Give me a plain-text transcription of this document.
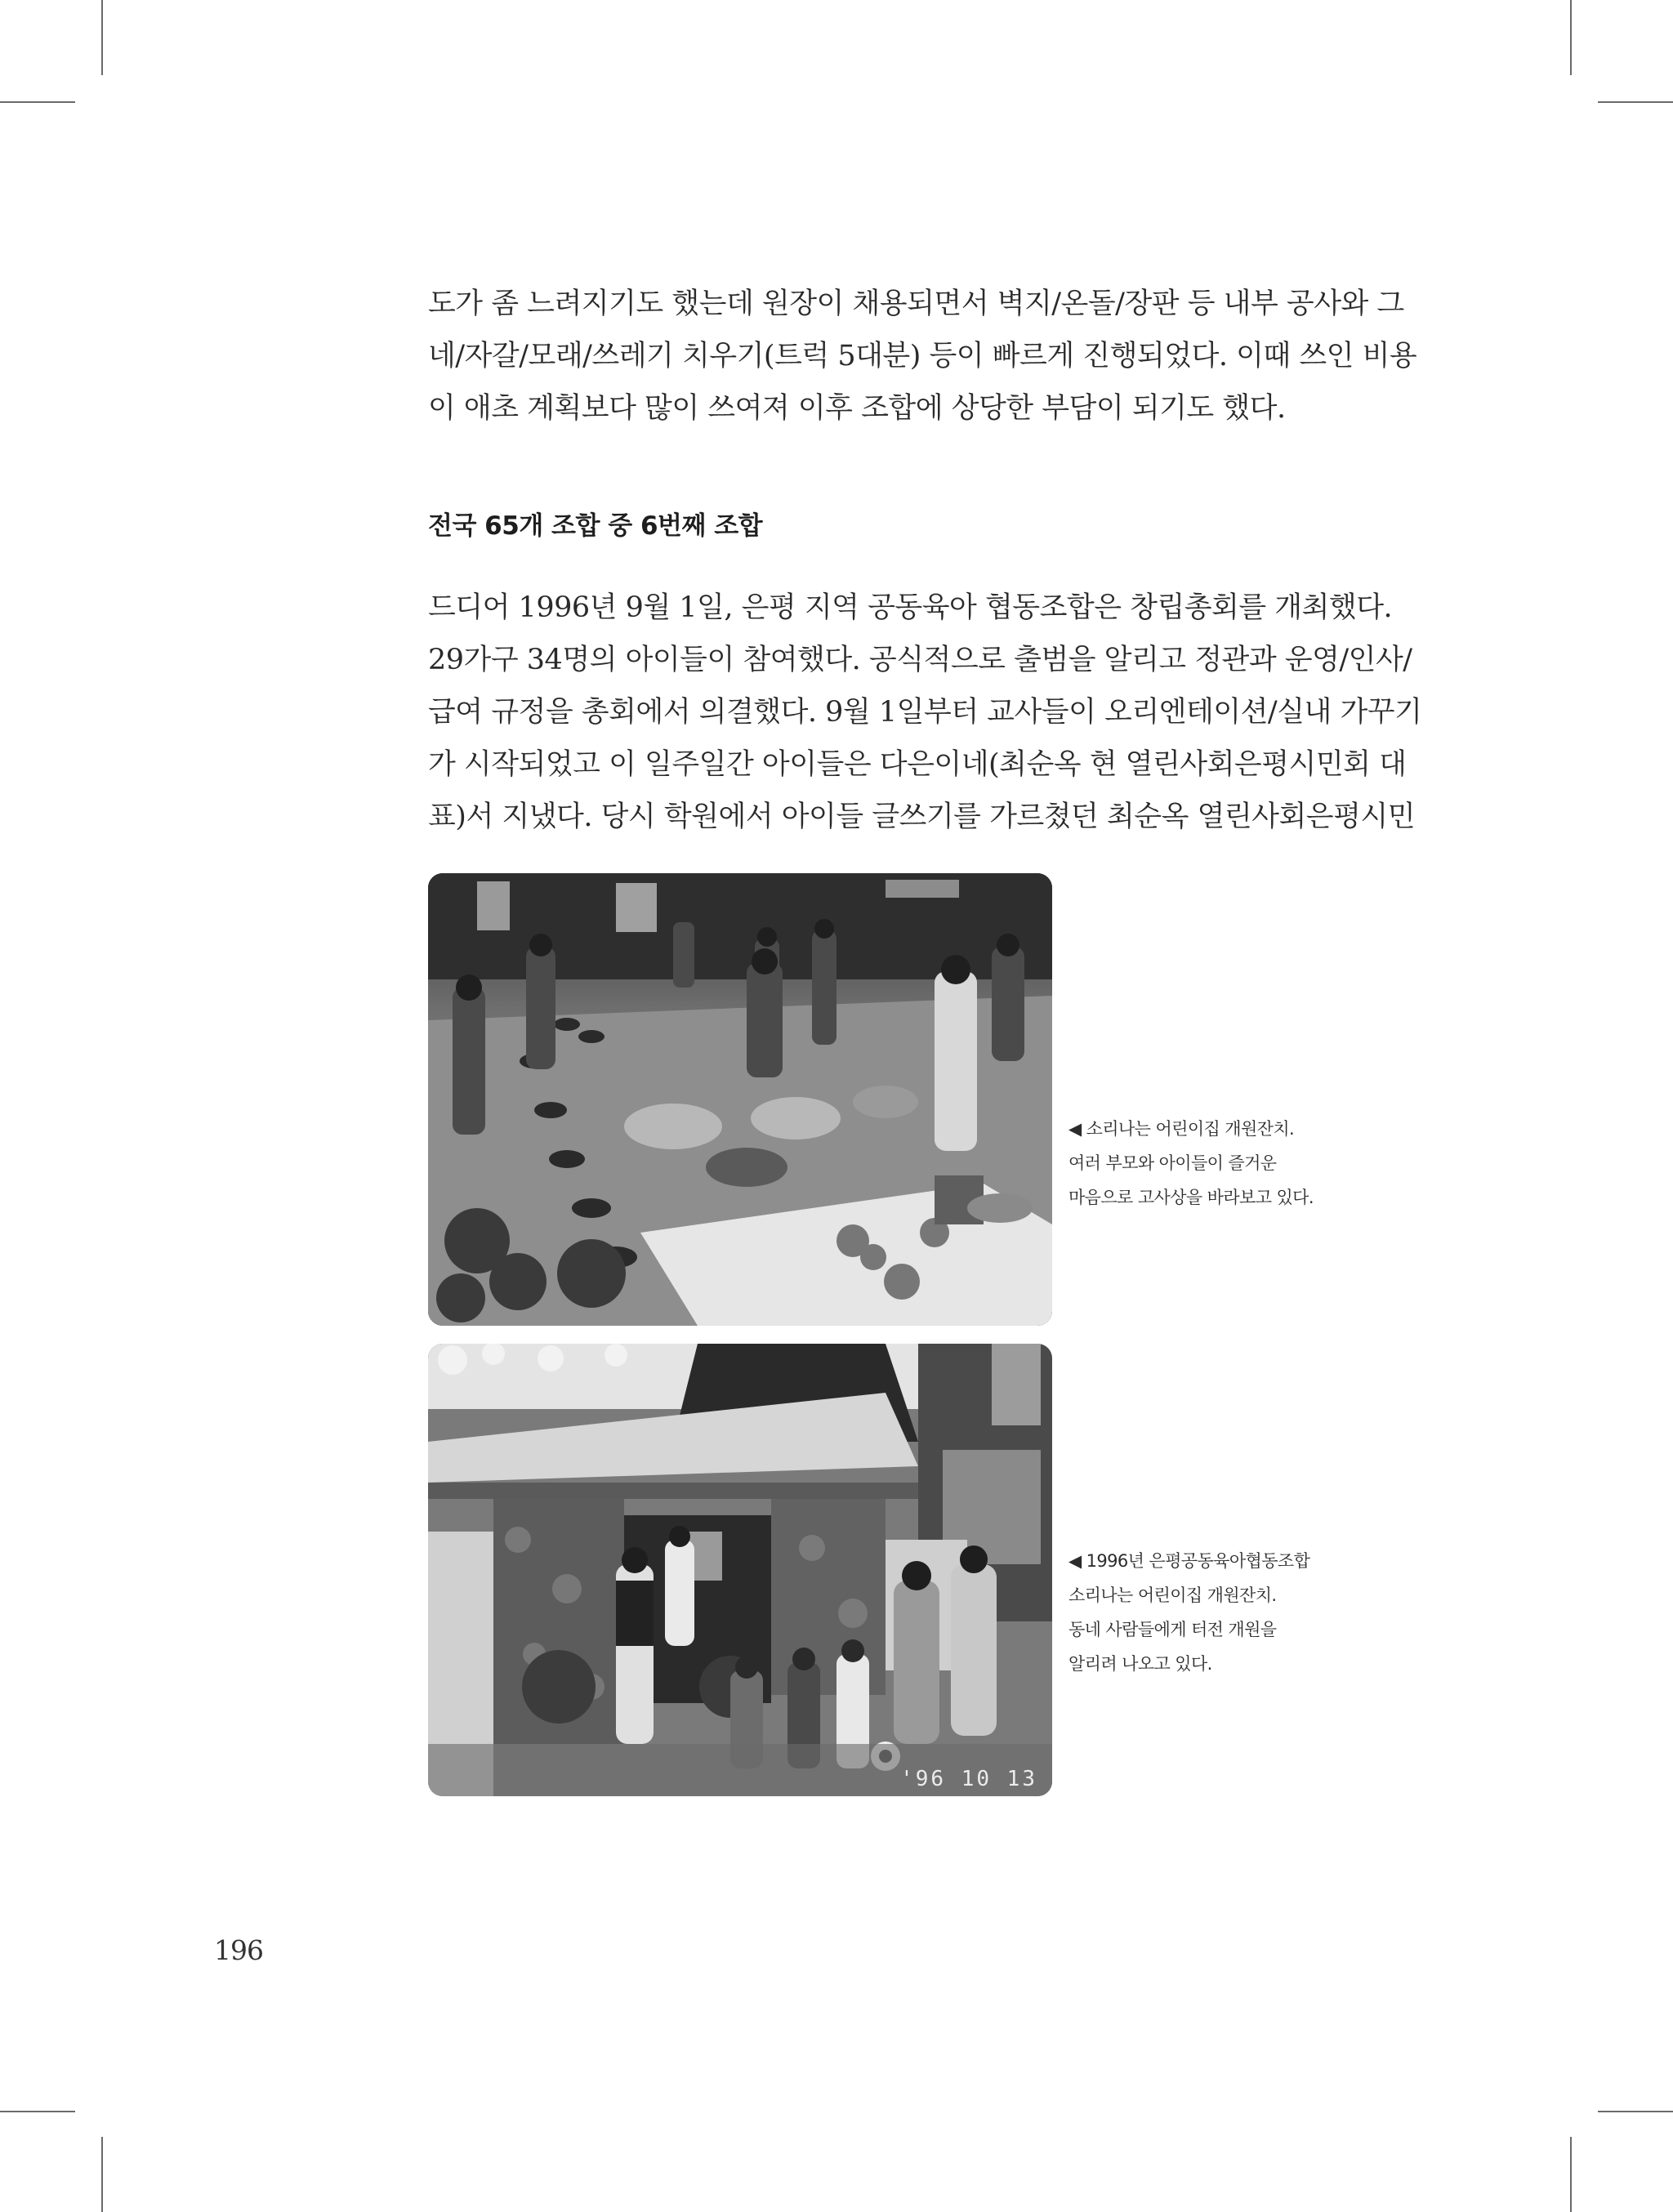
도가 좀 느려지기도 했는데 원장이 채용되면서 벽지/온돌/장판 등 내부 공사와 그

네/자갈/모래/쓰레기 치우기(트럭 5대분) 등이 빠르게 진행되었다. 이때 쓰인 비용

이 애초 계획보다 많이 쓰여져 이후 조합에 상당한 부담이 되기도 했다.

전국 65개 조합 중 6번째 조합

드디어 1996년 9월 1일, 은평 지역 공동육아 협동조합은 창립총회를 개최했다.

29가구 34명의 아이들이 참여했다. 공식적으로 출범을 알리고 정관과 운영/인사/

급여 규정을 총회에서 의결했다. 9월 1일부터 교사들이 오리엔테이션/실내 가꾸기

가 시작되었고 이 일주일간 아이들은 다은이네(최순옥 현 열린사회은평시민회 대

표)서 지냈다. 당시 학원에서 아이들 글쓰기를 가르쳤던 최순옥 열린사회은평시민

◀ 소리나는 어린이집 개원잔치.
여러 부모와 아이들이 즐거운
마음으로 고사상을 바라보고 있다.
'96 10 13
◀ 1996년 은평공동육아협동조합
소리나는 어린이집 개원잔치.
동네 사람들에게 터전 개원을
알리려 나오고 있다.
196
